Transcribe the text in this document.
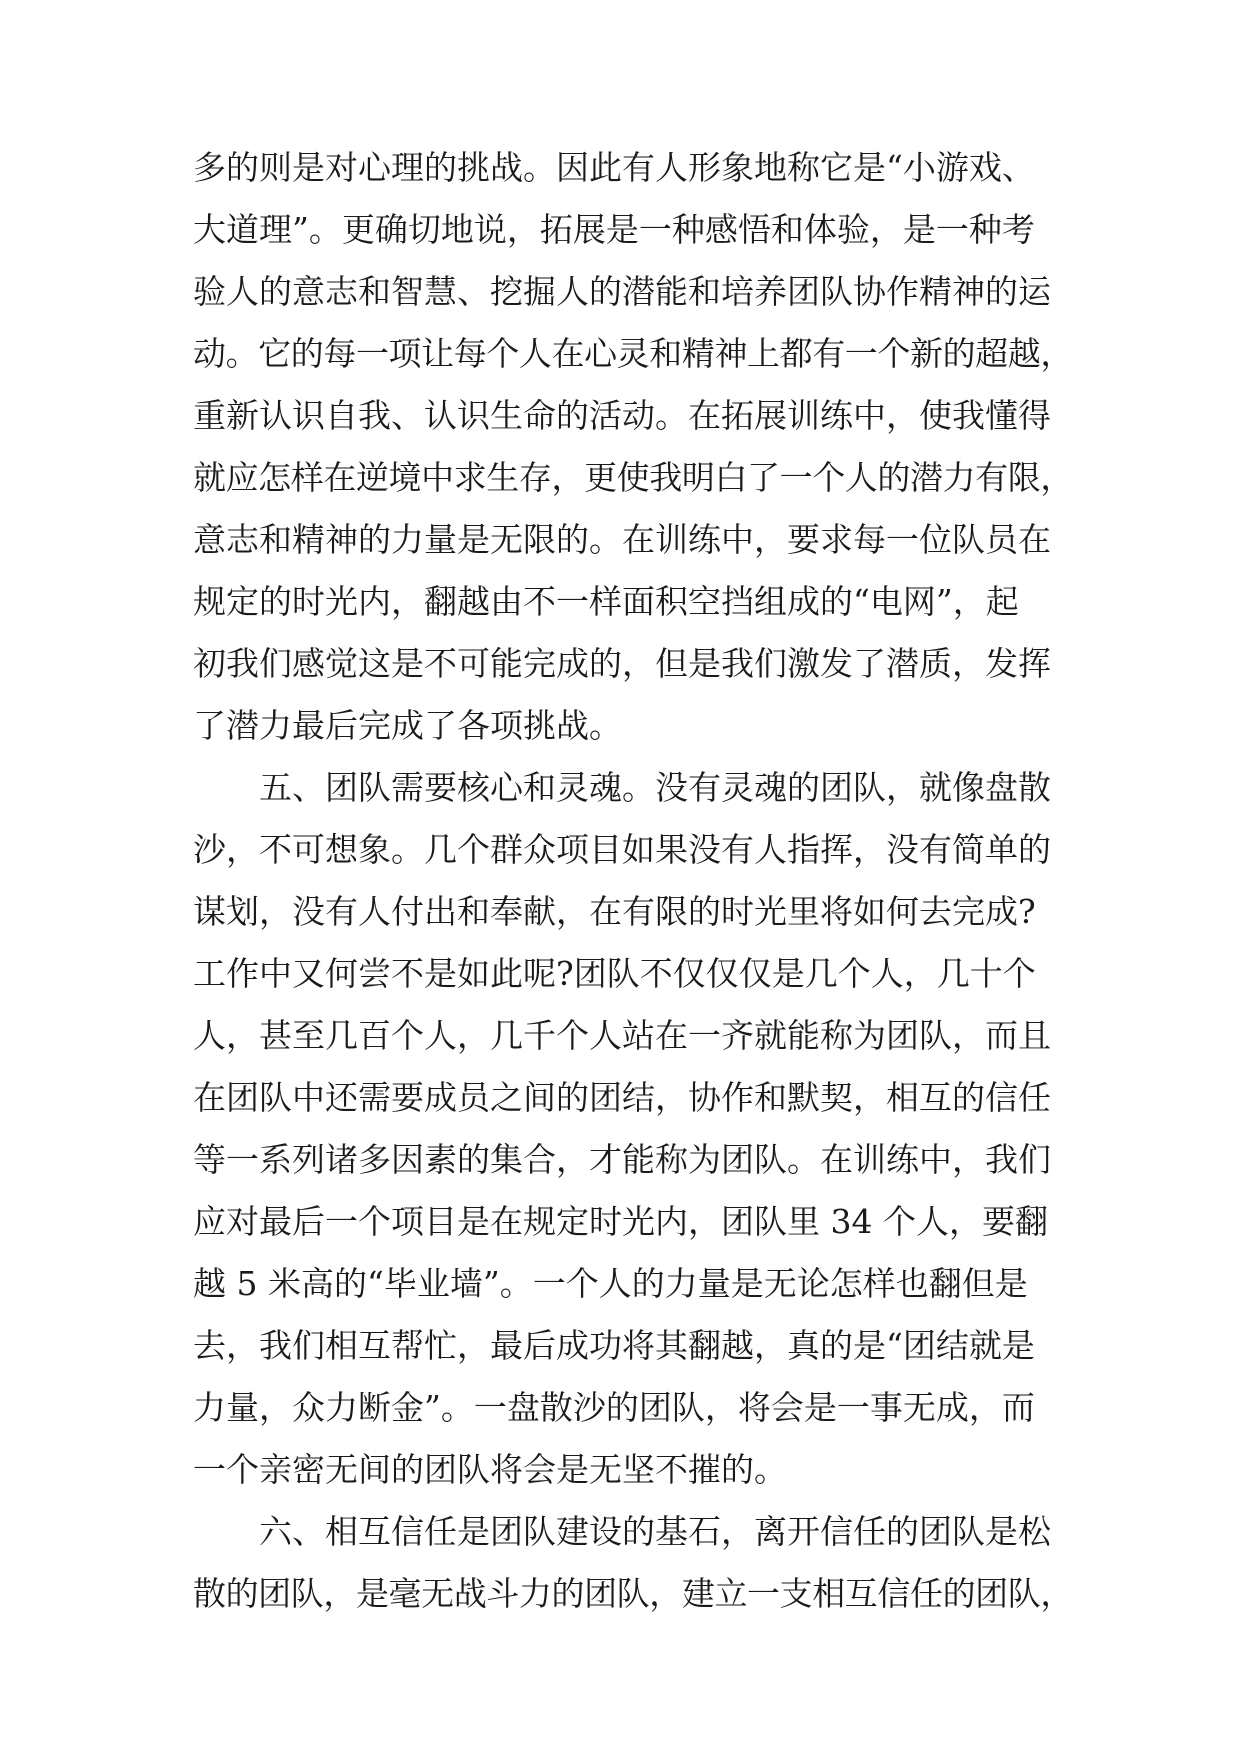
多的则是对心理的挑战。因此有人形象地称它是“小游戏、
大道理”。更确切地说，拓展是一种感悟和体验，是一种考
验人的意志和智慧、挖掘人的潜能和培养团队协作精神的运
动。它的每一项让每个人在心灵和精神上都有一个新的超越，
重新认识自我、认识生命的活动。在拓展训练中，使我懂得
就应怎样在逆境中求生存，更使我明白了一个人的潜力有限，
意志和精神的力量是无限的。在训练中，要求每一位队员在
规定的时光内，翻越由不一样面积空挡组成的“电网”，起
初我们感觉这是不可能完成的，但是我们激发了潜质，发挥
了潜力最后完成了各项挑战。
五、团队需要核心和灵魂。没有灵魂的团队，就像盘散
沙，不可想象。几个群众项目如果没有人指挥，没有简单的
谋划，没有人付出和奉献，在有限的时光里将如何去完成?
工作中又何尝不是如此呢?团队不仅仅仅是几个人，几十个
人，甚至几百个人，几千个人站在一齐就能称为团队，而且
在团队中还需要成员之间的团结，协作和默契，相互的信任
等一系列诸多因素的集合，才能称为团队。在训练中，我们
应对最后一个项目是在规定时光内，团队里 34 个人，要翻
越 5 米高的“毕业墙”。一个人的力量是无论怎样也翻但是
去，我们相互帮忙，最后成功将其翻越，真的是“团结就是
力量，众力断金”。一盘散沙的团队，将会是一事无成，而
一个亲密无间的团队将会是无坚不摧的。
六、相互信任是团队建设的基石，离开信任的团队是松
散的团队，是毫无战斗力的团队，建立一支相互信任的团队，
